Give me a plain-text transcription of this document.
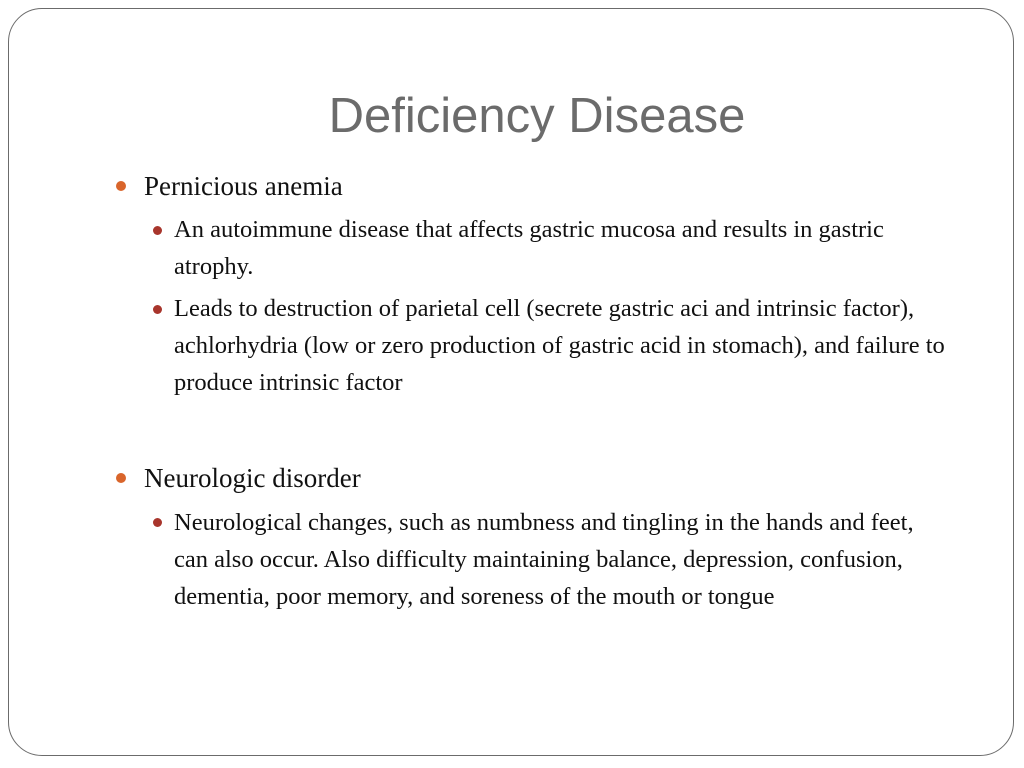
Deficiency Disease
Pernicious anemia
An autoimmune disease that affects gastric mucosa and results in gastric atrophy.
Leads to destruction of parietal cell (secrete gastric aci and intrinsic factor), achlorhydria (low or zero production of gastric acid in stomach), and failure to produce intrinsic factor
Neurologic disorder
Neurological changes, such as numbness and tingling in the hands and feet, can also occur. Also difficulty maintaining balance, depression, confusion, dementia, poor memory, and soreness of the mouth or tongue
